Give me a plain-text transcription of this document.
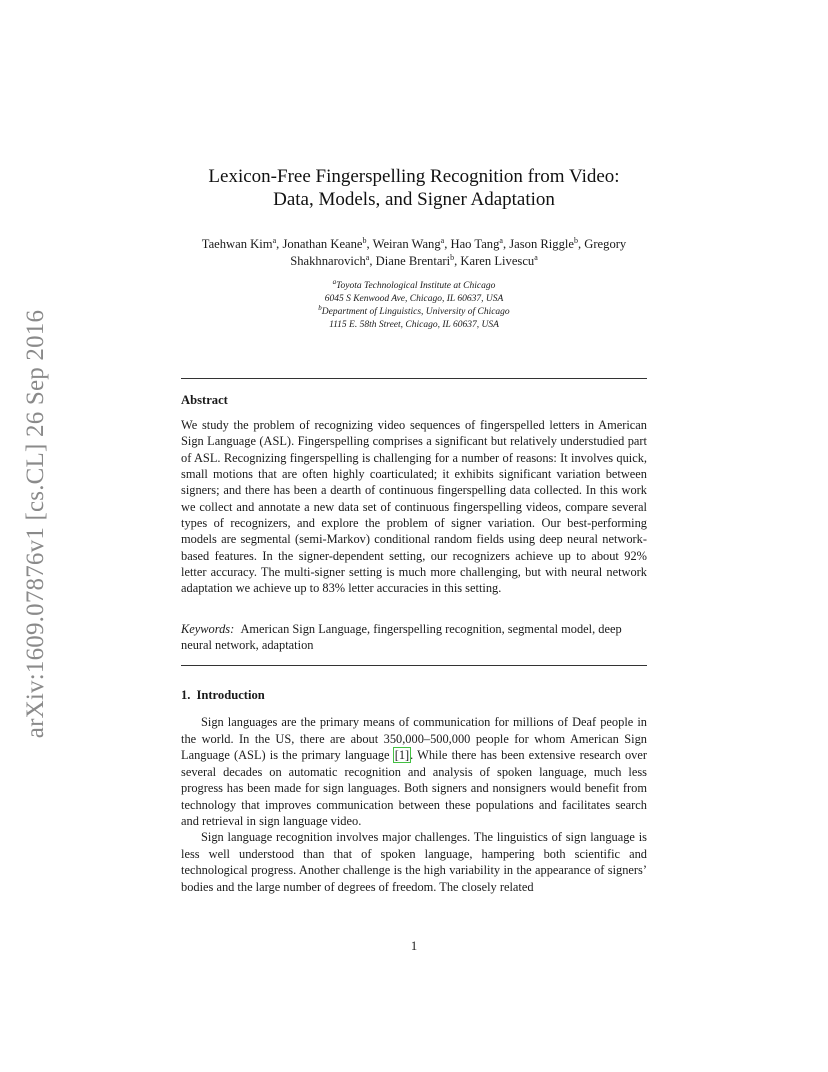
arXiv:1609.07876v1 [cs.CL] 26 Sep 2016
Lexicon-Free Fingerspelling Recognition from Video:
Data, Models, and Signer Adaptation
Taehwan Kim$^a$, Jonathan Keane$^b$, Weiran Wang$^a$, Hao Tang$^a$, Jason Riggle$^b$, Gregory
Shakhnarovich$^a$, Diane Brentari$^b$, Karen Livescu$^a$
$^a$Toyota Technological Institute at Chicago
6045 S Kenwood Ave, Chicago, IL 60637, USA
$^b$Department of Linguistics, University of Chicago
1115 E. 58th Street, Chicago, IL 60637, USA
Abstract
We study the problem of recognizing video sequences of fingerspelled letters in American Sign Language (ASL). Fingerspelling comprises a significant but relatively understudied part of ASL. Recognizing fingerspelling is challenging for a number of reasons: It involves quick, small motions that are often highly coarticulated; it exhibits significant variation between signers; and there has been a dearth of continuous fingerspelling data collected. In this work we collect and annotate a new data set of continuous fingerspelling videos, compare several types of recognizers, and explore the problem of signer variation. Our best-performing models are segmental (semi-Markov) conditional random fields using deep neural network-based features. In the signer-dependent setting, our recognizers achieve up to about 92% letter accuracy. The multi-signer setting is much more challenging, but with neural network adaptation we achieve up to 83% letter accuracies in this setting.
Keywords: American Sign Language, fingerspelling recognition, segmental model, deep neural network, adaptation
1. Introduction
Sign languages are the primary means of communication for millions of Deaf people in the world. In the US, there are about 350,000–500,000 people for whom American Sign Language (ASL) is the primary language [1]. While there has been extensive research over several decades on automatic recognition and analysis of spoken language, much less progress has been made for sign languages. Both signers and nonsigners would benefit from technology that improves communication between these populations and facilitates search and retrieval in sign language video.
Sign language recognition involves major challenges. The linguistics of sign language is less well understood than that of spoken language, hampering both scientific and technological progress. Another challenge is the high variability in the appearance of signers’ bodies and the large number of degrees of freedom. The closely related
1
